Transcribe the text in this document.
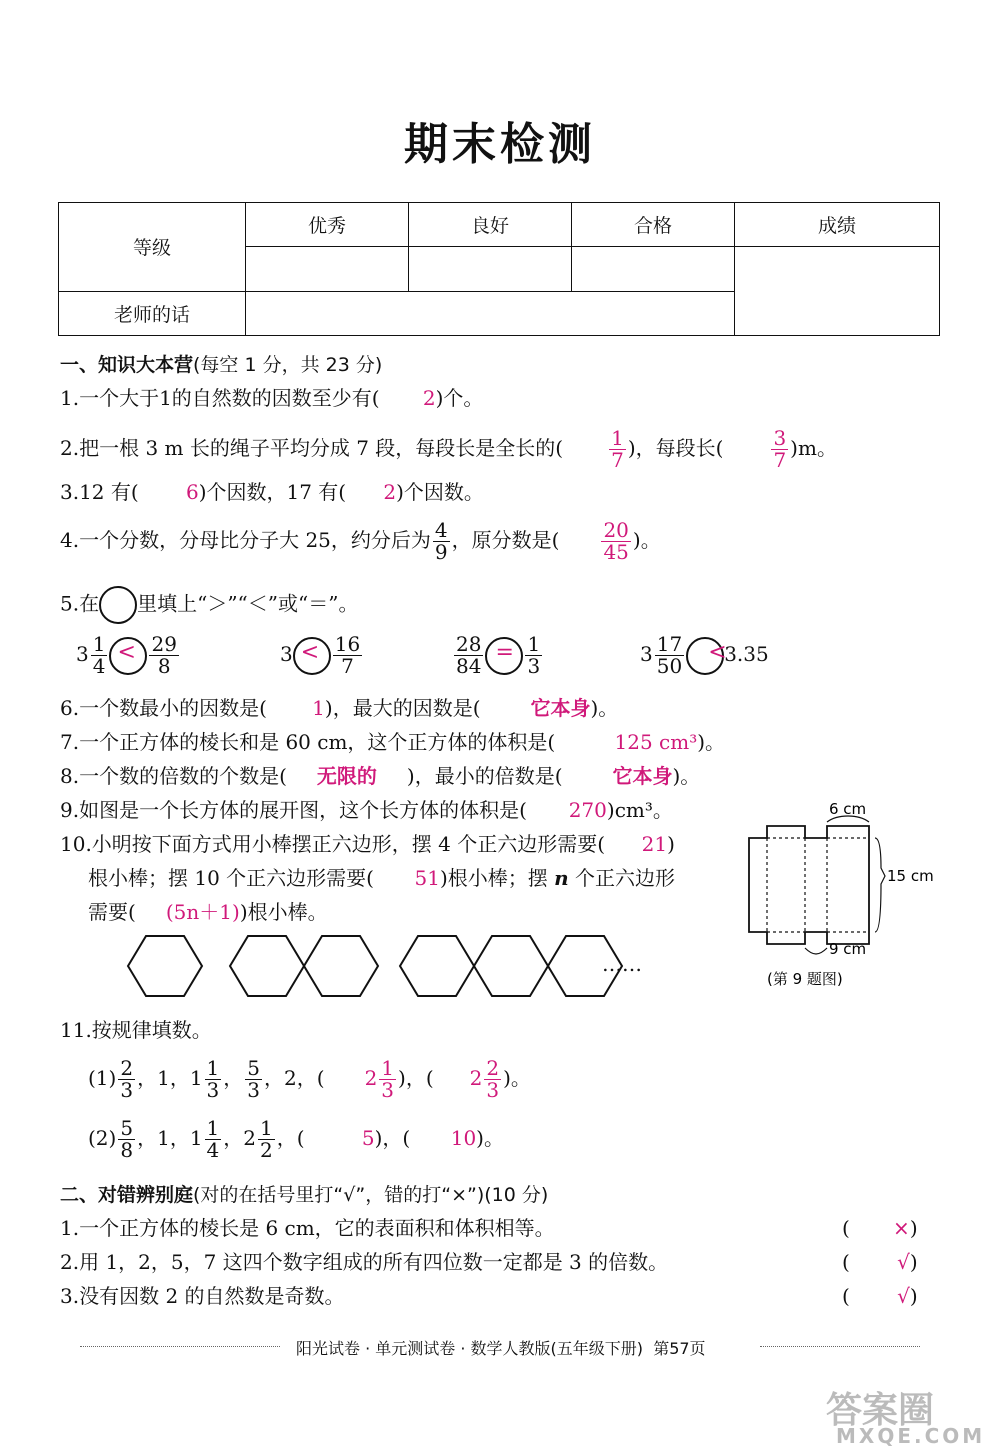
期末检测
等级	优秀	良好	合格	成绩

老师的话				
一、知识大本营(每空 1 分，共 23 分)
1.一个大于1的自然数的因数至少有( 2)个。
2.把一根 3 m 长的绳子平均分成 7 段，每段长是全长的( $\frac{1}{7}$ )，每段长( $\frac{3}{7} )m$。
3.12 有( 6)个因数，17 有( 2)个因数。
4.一个分数，分母比分子大 25，约分后为 $\frac{4}{9}$ ，原分数是( $\frac{20}{45}$ )。
5.在 里填上“＞”“＜”或“＝”。
$3 \frac{1}{4} < \frac{29}{8}$	$3 < \frac{16}{7}$	$\frac{28}{84} = \frac{1}{3}$	$3 \frac{17}{50}$ <
3.35
6.一个数最小的因数是( 1)，最大的因数是(	它本身)。
7.一个正方体的棱长和是 60 cm，这个正方体的体积是(	125 cm³)。
8.一个数的倍数的个数是( 无限的 )，最小的倍数是(	它本身)。
9.如图是一个长方体的展开图，这个长方体的体积是( 270)cm³。
10.小明按下面方式用小棒摆正六边形，摆 4 个正六边形需要( 21)
根小棒；摆 10 个正六边形需要( 51)根小棒；摆 n 个正六边形
需要( (5n＋1))根小棒。
……
6 cm
15 cm
9 cm
(第 9 题图)
11.按规律填数。
$(1) \frac{2}{3}$ ，1，$1 \frac{1}{3}$ ， $\frac{5}{3}$ ，2，( $2 \frac{1}{3}$ )，( $2 \frac{2}{3}$ )。
$(2) \frac{5}{8}$ ，1，$1 \frac{1}{4}$ ，$2 \frac{1}{2}$ ，(	5)，( 10)。
二、对错辨别庭(对的在括号里打“√”，错的打“×”)(10 分)
1.一个正方体的棱长是 6 cm，它的表面积和体积相等。	( ×)
2.用 1，2，5，7 这四个数字组成的所有四位数一定都是 3 的倍数。	( √)
3.没有因数 2 的自然数是奇数。	( √)
阳光试卷 · 单元测试卷 · 数学人教版(五年级下册) 第57页
答案圈
MXQE.COM
